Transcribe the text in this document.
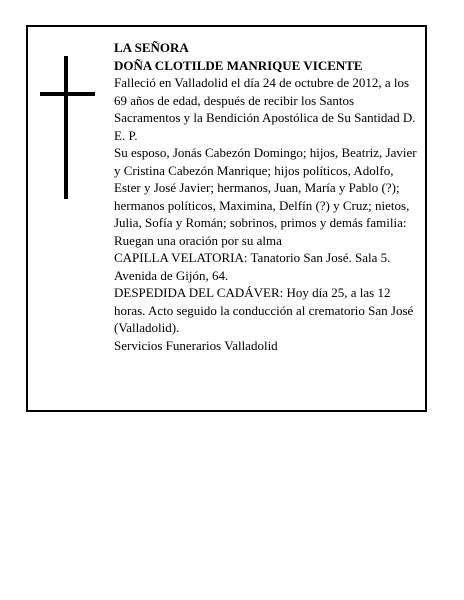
LA SEÑORA

DOÑA CLOTILDE MANRIQUE VICENTE

Falleció en Valladolid el día 24 de octubre de 2012, a los 69 años de edad, después de recibir los Santos Sacramentos y la Bendición Apostólica de Su Santidad D. E. P.

Su esposo, Jonás Cabezón Domingo; hijos, Beatriz, Javier y Cristina Cabezón Manrique; hijos políticos, Adolfo, Ester y José Javier; hermanos, Juan, María y Pablo (?); hermanos políticos, Maximina, Delfín (?) y Cruz; nietos, Julia, Sofía y Román; sobrinos, primos y demás familia:

Ruegan una oración por su alma

CAPILLA VELATORIA: Tanatorio San José. Sala 5. Avenida de Gijón, 64.

DESPEDIDA DEL CADÁVER: Hoy día 25, a las 12 horas. Acto seguido la conducción al crematorio San José (Valladolid).

Servicios Funerarios Valladolid
